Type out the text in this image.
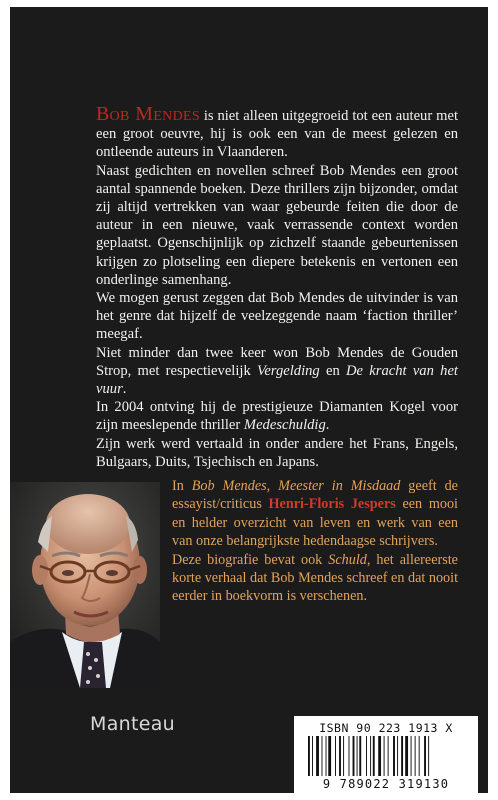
Bob Mendes is niet alleen uitgegroeid tot een auteur met een groot oeuvre, hij is ook een van de meest gelezen en ontleende auteurs in Vlaanderen.

Naast gedichten en novellen schreef Bob Mendes een groot aantal spannende boeken. Deze thrillers zijn bijzonder, omdat zij altijd vertrekken van waar gebeurde feiten die door de auteur in een nieuwe, vaak verrassende context worden geplaatst. Ogenschijnlijk op zichzelf staande gebeurtenissen krijgen zo plotseling een diepere betekenis en vertonen een onderlinge samenhang.

We mogen gerust zeggen dat Bob Mendes de uitvinder is van het genre dat hijzelf de veelzeggende naam ‘faction thriller’ meegaf.

Niet minder dan twee keer won Bob Mendes de Gouden Strop, met respectievelijk Vergelding en De kracht van het vuur.

In 2004 ontving hij de prestigieuze Diamanten Kogel voor zijn meeslepende thriller Medeschuldig.

Zijn werk werd vertaald in onder andere het Frans, Engels, Bulgaars, Duits, Tsjechisch en Japans.

In Bob Mendes, Meester in Misdaad geeft de essayist/criticus Henri-Floris Jespers een mooi en helder overzicht van leven en werk van een van onze belangrijkste hedendaagse schrijvers.

Deze biografie bevat ook Schuld, het allereerste korte verhaal dat Bob Mendes schreef en dat nooit eerder in boekvorm is verschenen.

Manteau	ISBN 90 223 1913 X
9 789022 319130
